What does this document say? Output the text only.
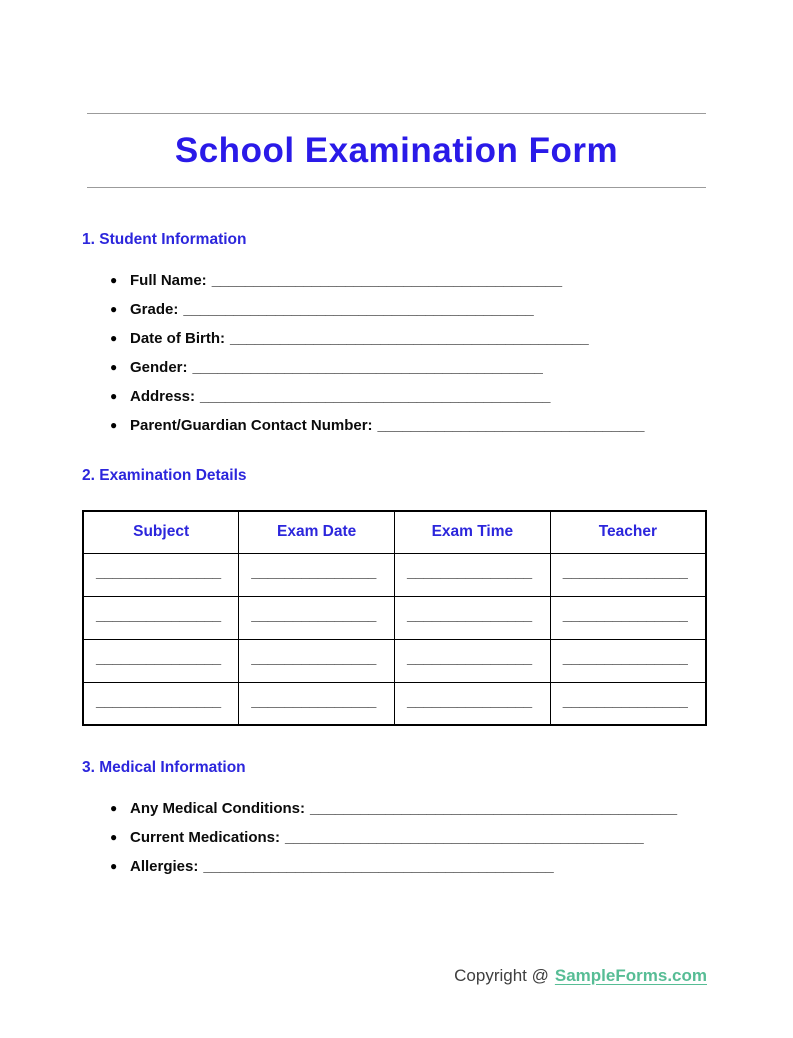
School Examination Form
1. Student Information
● Full Name: __________________________________________
● Grade: __________________________________________
● Date of Birth: ___________________________________________
● Gender: __________________________________________
● Address: __________________________________________
● Parent/Guardian Contact Number: ________________________________
2. Examination Details
Subject	Exam Date	Exam Time	Teacher
_______________	_______________	_______________	_______________
_______________	_______________	_______________	_______________
_______________	_______________	_______________	_______________
_______________	_______________	_______________	_______________
3. Medical Information
● Any Medical Conditions: ____________________________________________
● Current Medications: ___________________________________________
● Allergies: __________________________________________
Copyright @ SampleForms.com
